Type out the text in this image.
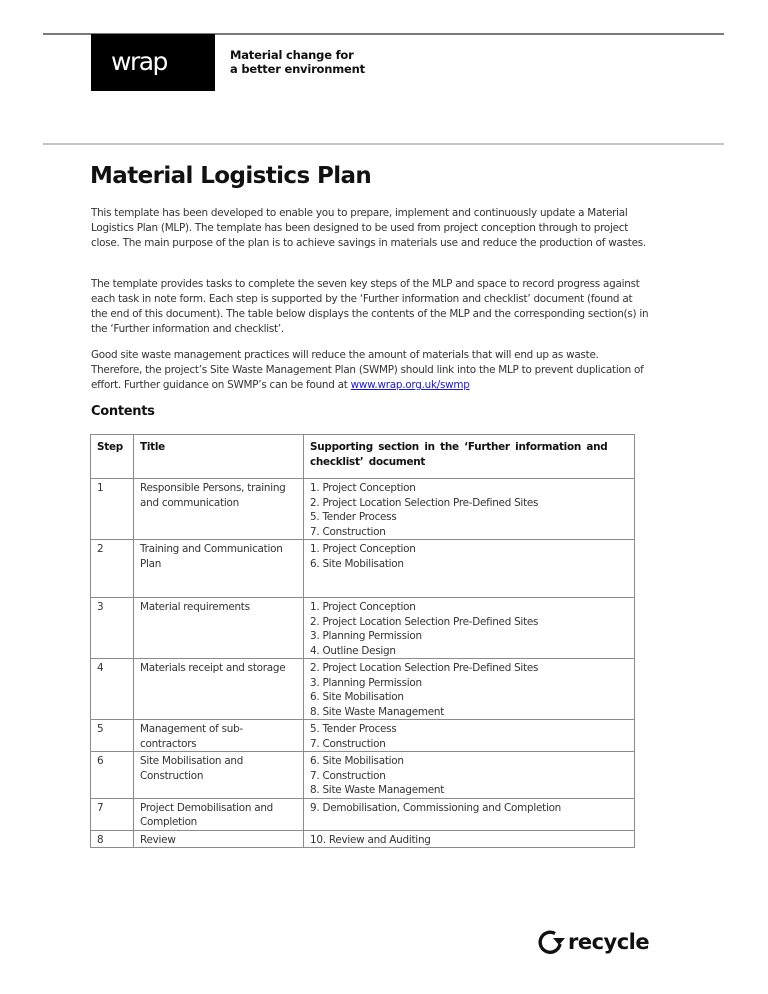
wrap	Material change for
a better environment
Material Logistics Plan

This template has been developed to enable you to prepare, implement and continuously update a Material Logistics Plan (MLP). The template has been designed to be used from project conception through to project close. The main purpose of the plan is to achieve savings in materials use and reduce the production of wastes.

The template provides tasks to complete the seven key steps of the MLP and space to record progress against each task in note form. Each step is supported by the ‘Further information and checklist’ document (found at the end of this document). The table below displays the contents of the MLP and the corresponding section(s) in the ‘Further information and checklist’.

Good site waste management practices will reduce the amount of materials that will end up as waste. Therefore, the project’s Site Waste Management Plan (SWMP) should link into the MLP to prevent duplication of effort. Further guidance on SWMP’s can be found at www.wrap.org.uk/swmp

Contents
Step	Title	Supporting section in the ‘Further information and checklist’ document
1	Responsible Persons, training and communication	1. Project Conception
2. Project Location Selection Pre-Defined Sites
5. Tender Process
7. Construction

2	Training and Communication Plan	1. Project Conception
6. Site Mobilisation

3	Material requirements	1. Project Conception
2. Project Location Selection Pre-Defined Sites
3. Planning Permission
4. Outline Design

4	Materials receipt and storage	2. Project Location Selection Pre-Defined Sites
3. Planning Permission
6. Site Mobilisation
8. Site Waste Management

5	Management of sub-contractors	5. Tender Process
7. Construction

6	Site Mobilisation and Construction	6. Site Mobilisation
7. Construction
8. Site Waste Management

7	Project Demobilisation and Completion	9. Demobilisation, Commissioning and Completion

8	Review	10. Review and Auditing
recycle
